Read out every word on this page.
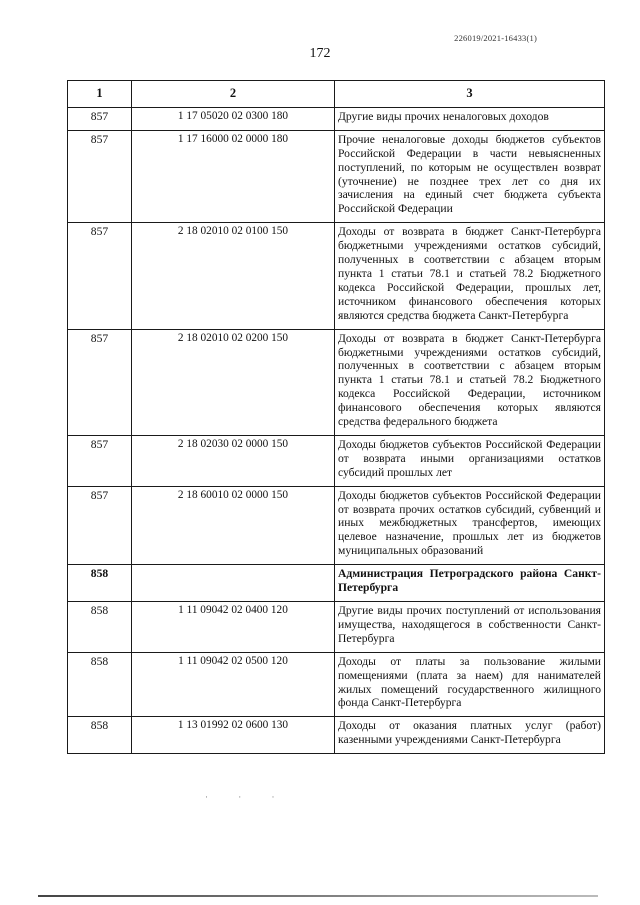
226019/2021-16433(1)
172
1	2	3
857	1 17 05020 02 0300 180	Другие виды прочих неналоговых доходов
857	1 17 16000 02 0000 180	Прочие неналоговые доходы бюджетов субъектов Российской Федерации в части невыясненных поступлений, по которым не осуществлен возврат (уточнение) не позднее трех лет со дня их зачисления на единый счет бюджета субъекта Российской Федерации
857	2 18 02010 02 0100 150	Доходы от возврата в бюджет Санкт-Петербурга бюджетными учреждениями остатков субсидий, полученных в соответствии с абзацем вторым пункта 1 статьи 78.1 и статьей 78.2 Бюджетного кодекса Российской Федерации, прошлых лет, источником финансового обеспечения которых являются средства бюджета Санкт-Петербурга
857	2 18 02010 02 0200 150	Доходы от возврата в бюджет Санкт-Петербурга бюджетными учреждениями остатков субсидий, полученных в соответствии с абзацем вторым пункта 1 статьи 78.1 и статьей 78.2 Бюджетного кодекса Российской Федерации, источником финансового обеспечения которых являются средства федерального бюджета
857	2 18 02030 02 0000 150	Доходы бюджетов субъектов Российской Федерации от возврата иными организациями остатков субсидий прошлых лет
857	2 18 60010 02 0000 150	Доходы бюджетов субъектов Российской Федерации от возврата прочих остатков субсидий, субвенций и иных межбюджетных трансфертов, имеющих целевое назначение, прошлых лет из бюджетов муниципальных образований
858		Администрация Петроградского района Санкт-Петербурга
858	1 11 09042 02 0400 120	Другие виды прочих поступлений от использования имущества, находящегося в собственности Санкт-Петербурга
858	1 11 09042 02 0500 120	Доходы от платы за пользование жилыми помещениями (плата за наем) для нанимателей жилых помещений государственного жилищного фонда Санкт-Петербурга
858	1 13 01992 02 0600 130	Доходы от оказания платных услуг (работ) казенными учреждениями Санкт-Петербурга
· · ·
